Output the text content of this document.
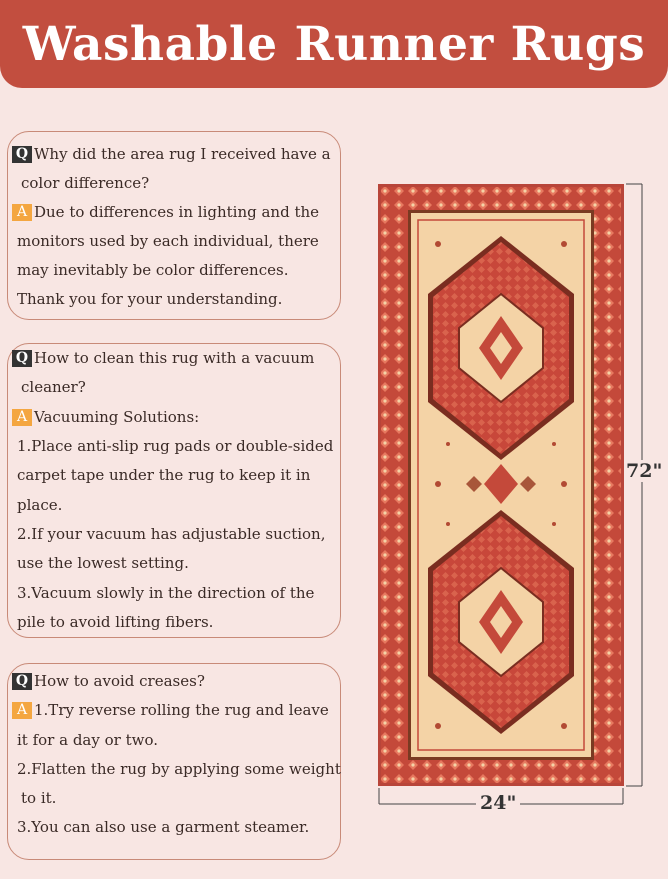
Washable Runner Rugs
Q Why did the area rug I received have a
color difference?
A Due to differences in lighting and the
monitors used by each individual, there
may inevitably be color differences.
Thank you for your understanding.
Q How to clean this rug with a vacuum
cleaner?
A Vacuuming Solutions:
1.Place anti-slip rug pads or double-sided
carpet tape under the rug to keep it in
place.
2.If your vacuum has adjustable suction,
use the lowest setting.
3.Vacuum slowly in the direction of the
pile to avoid lifting fibers.
Q How to avoid creases?
A 1.Try reverse rolling the rug and leave
it for a day or two.
2.Flatten the rug by applying some weight
to it.
3.You can also use a garment steamer.
72"
24"
